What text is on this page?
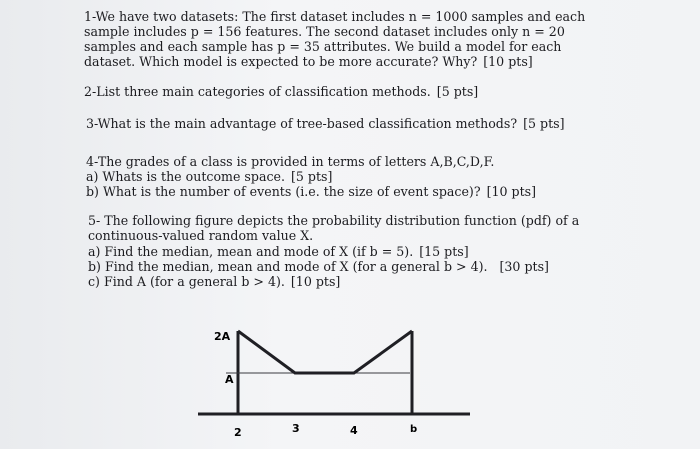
1-We have two datasets: The first dataset includes n = 1000 samples and each
sample includes p = 156 features. The second dataset includes only n = 20
samples and each sample has p = 35 attributes. We build a model for each
dataset. Which model is expected to be more accurate? Why? [10 pts]
2-List three main categories of classification methods. [5 pts]
3-What is the main advantage of tree-based classification methods? [5 pts]
4-The grades of a class is provided in terms of letters A,B,C,D,F.
a) Whats is the outcome space. [5 pts]
b) What is the number of events (i.e. the size of event space)? [10 pts]
5- The following figure depicts the probability distribution function (pdf) of a
continuous-valued random value X.
a) Find the median, mean and mode of X (if b = 5). [15 pts]
b) Find the median, mean and mode of X (for a general b > 4). [30 pts]
c) Find A (for a general b > 4). [10 pts]
2A
A
2	3	4	b
